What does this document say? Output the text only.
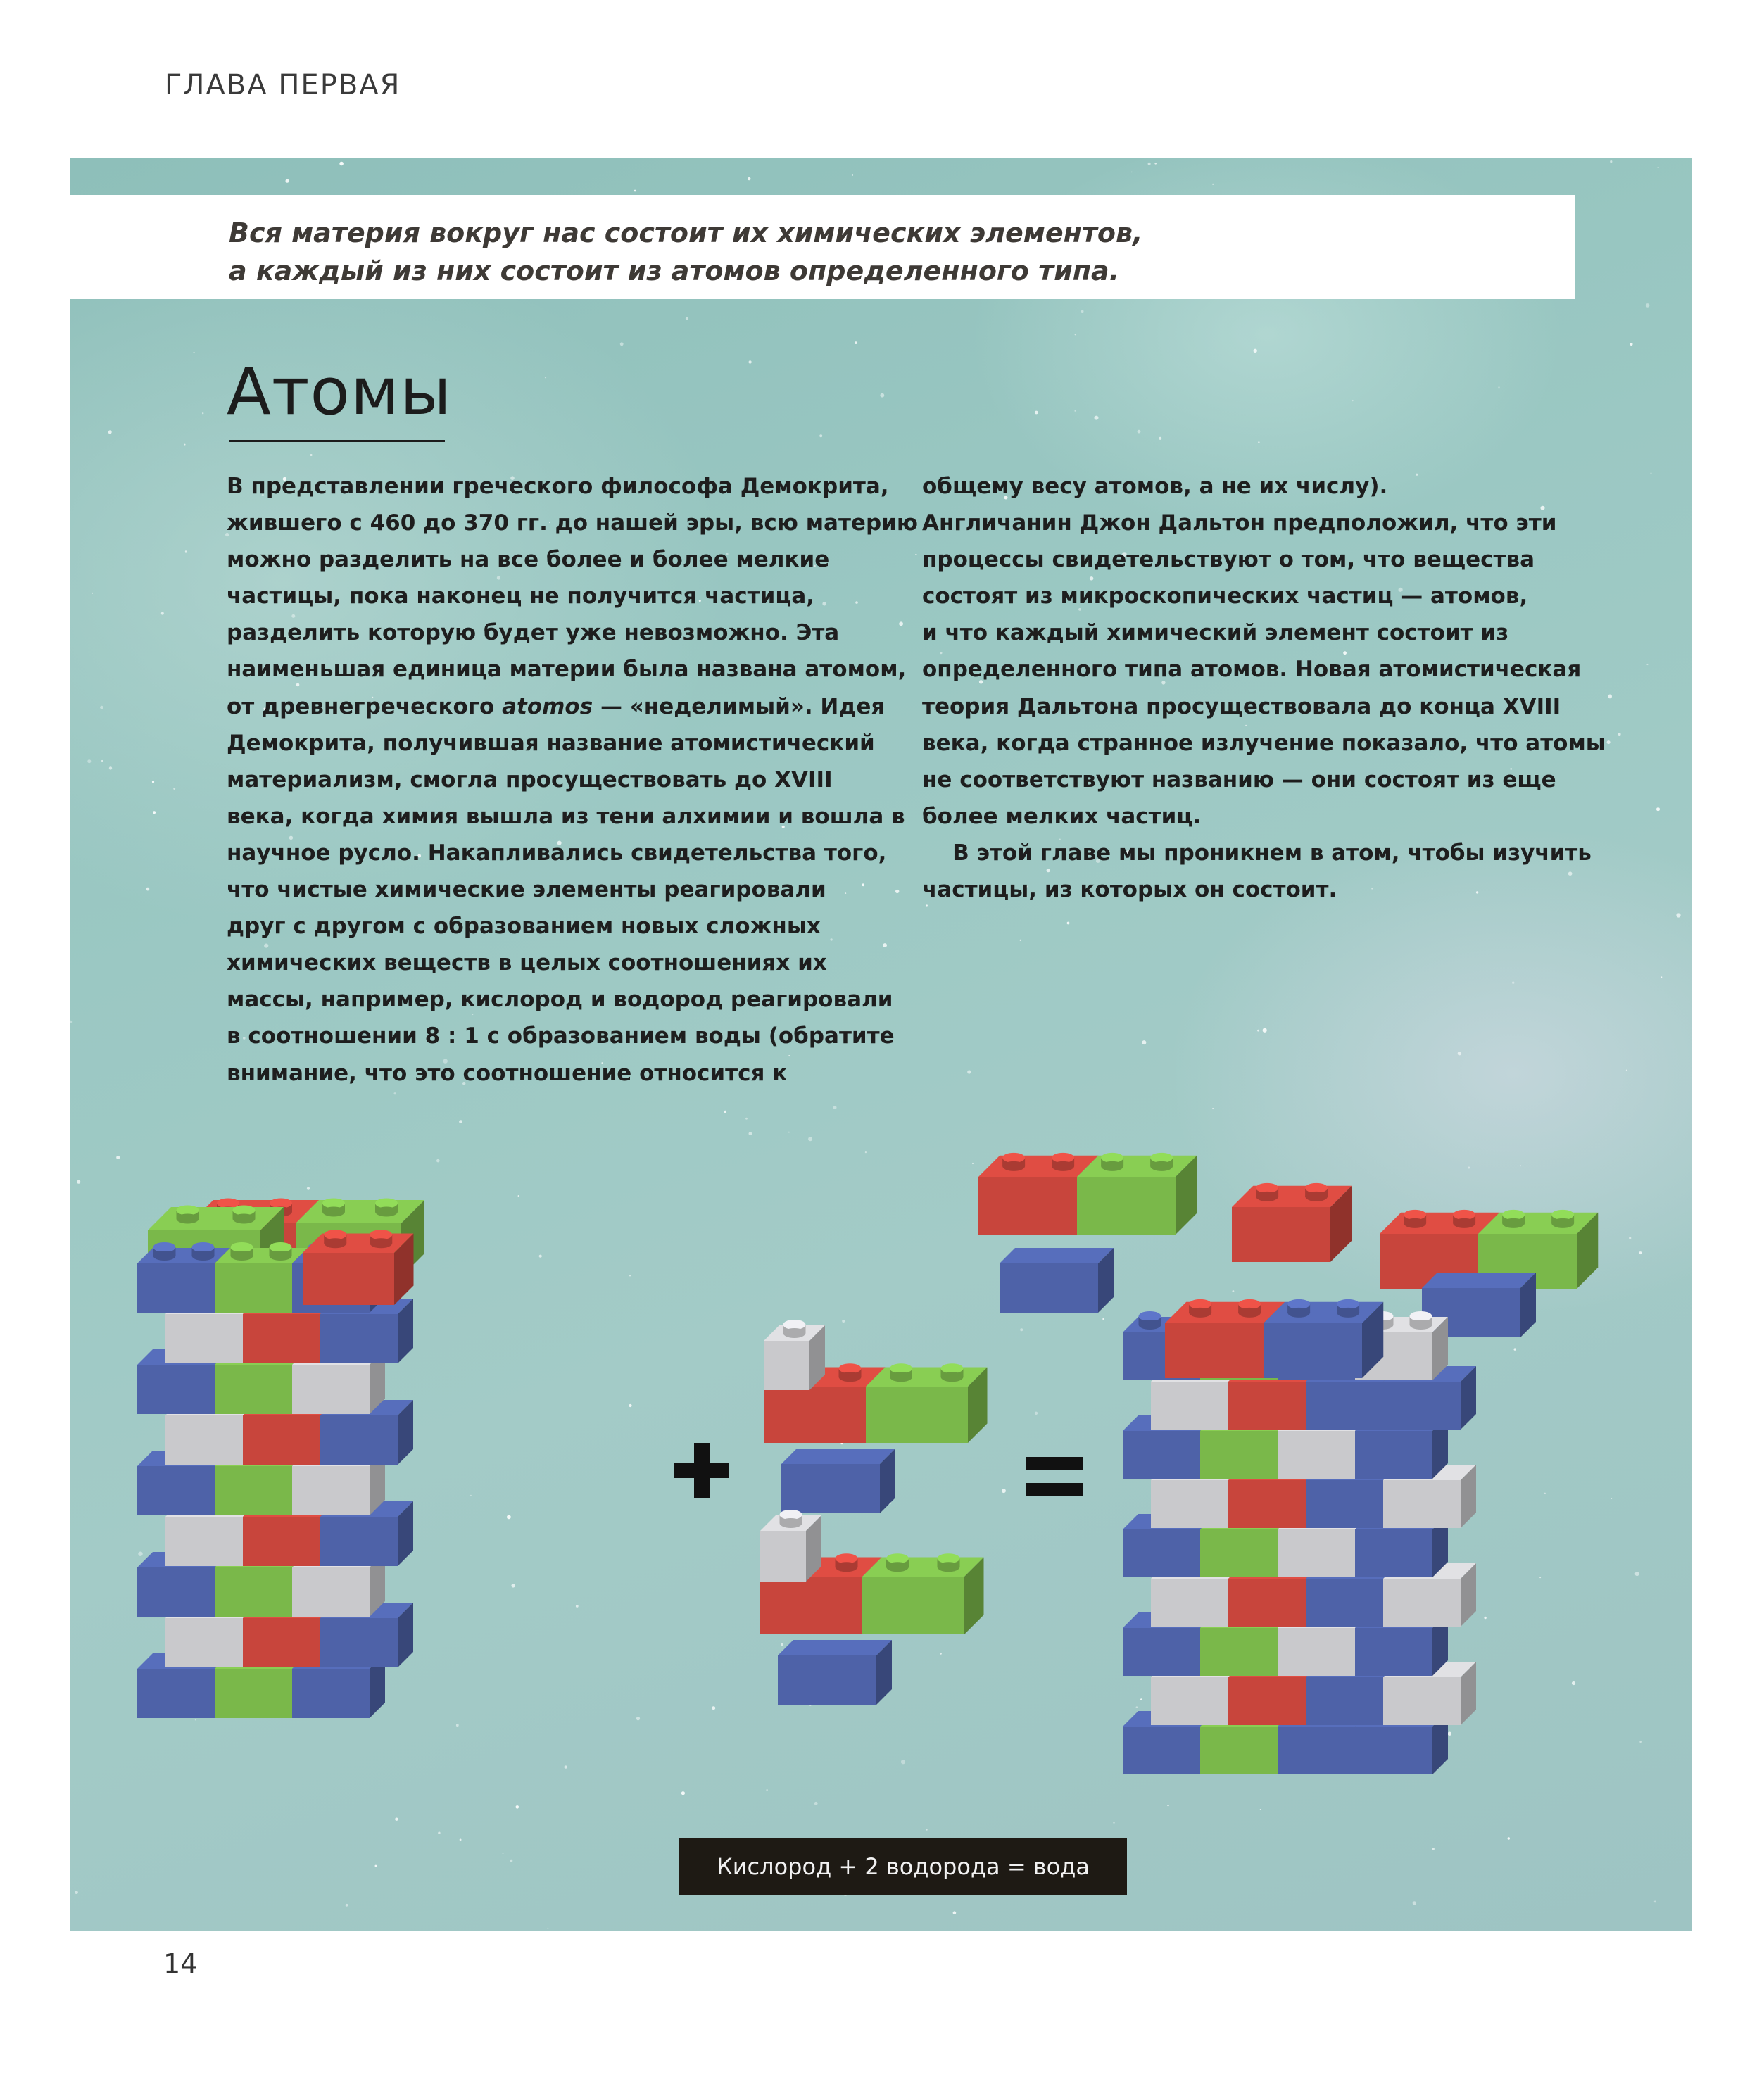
ГЛАВА ПЕРВАЯ
Вся материя вокруг нас состоит их химических элементов,
а каждый из них состоит из атомов определенного типа.
Атомы
В представлении греческого философа Демокрита,
жившего с 460 до 370 гг. до нашей эры, всю материю
можно разделить на все более и более мелкие
частицы, пока наконец не получится частица,
разделить которую будет уже невозможно. Эта
наименьшая единица материи была названа атомом,
от древнегреческого atomos — «неделимый». Идея
Демокрита, получившая название атомистический
материализм, смогла просуществовать до XVIII
века, когда химия вышла из тени алхимии и вошла в
научное русло. Накапливались свидетельства того,
что чистые химические элементы реагировали
друг с другом с образованием новых сложных
химических веществ в целых соотношениях их
массы, например, кислород и водород реагировали
в соотношении 8 : 1 с образованием воды (обратите
внимание, что это соотношение относится к
общему весу атомов, а не их числу).
Англичанин Джон Дальтон предположил, что эти
процессы свидетельствуют о том, что вещества
состоят из микроскопических частиц — атомов,
и что каждый химический элемент состоит из
определенного типа атомов. Новая атомистическая
теория Дальтона просуществовала до конца XVIII
века, когда странное излучение показало, что атомы
не соответствуют названию — они состоят из еще
более мелких частиц.
В этой главе мы проникнем в атом, чтобы изучить
частицы, из которых он состоит.
Кислород + 2 водорода = вода
14
